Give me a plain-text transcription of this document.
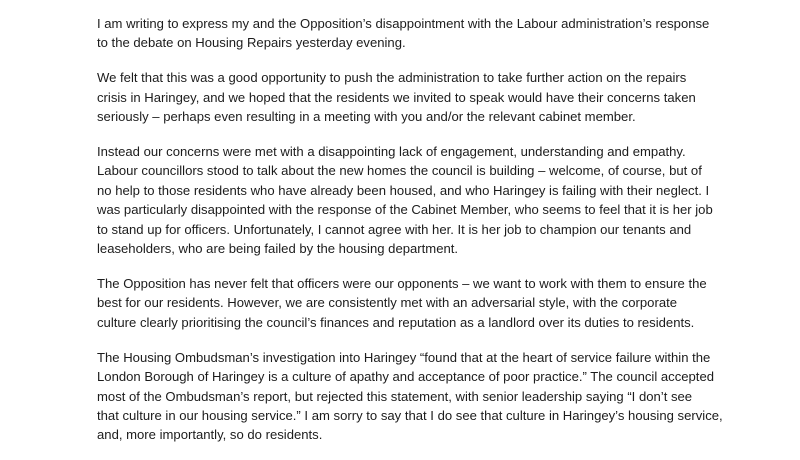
I am writing to express my and the Opposition’s disappointment with the Labour administration’s response
to the debate on Housing Repairs yesterday evening.

We felt that this was a good opportunity to push the administration to take further action on the repairs
crisis in Haringey, and we hoped that the residents we invited to speak would have their concerns taken
seriously – perhaps even resulting in a meeting with you and/or the relevant cabinet member.

Instead our concerns were met with a disappointing lack of engagement, understanding and empathy.
Labour councillors stood to talk about the new homes the council is building – welcome, of course, but of
no help to those residents who have already been housed, and who Haringey is failing with their neglect. I
was particularly disappointed with the response of the Cabinet Member, who seems to feel that it is her job
to stand up for officers. Unfortunately, I cannot agree with her. It is her job to champion our tenants and
leaseholders, who are being failed by the housing department.

The Opposition has never felt that officers were our opponents – we want to work with them to ensure the
best for our residents. However, we are consistently met with an adversarial style, with the corporate
culture clearly prioritising the council’s finances and reputation as a landlord over its duties to residents.

The Housing Ombudsman’s investigation into Haringey “found that at the heart of service failure within the
London Borough of Haringey is a culture of apathy and acceptance of poor practice.” The council accepted
most of the Ombudsman’s report, but rejected this statement, with senior leadership saying “I don’t see
that culture in our housing service.” I am sorry to say that I do see that culture in Haringey’s housing service,
and, more importantly, so do residents.
